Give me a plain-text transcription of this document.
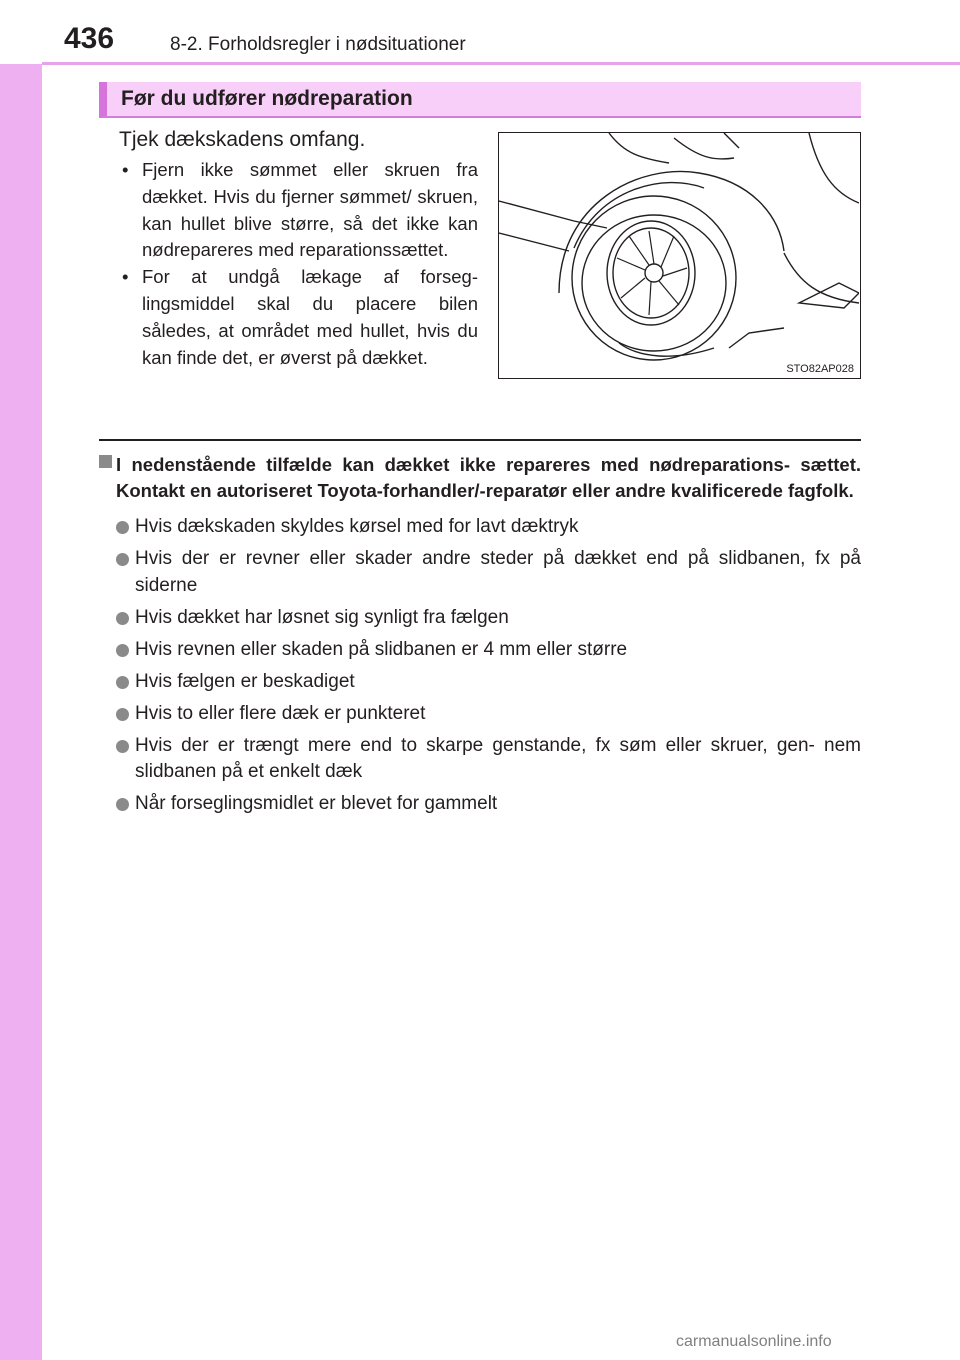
436	8-2. Forholdsregler i nødsituationer
Før du udfører nødreparation
Tjek dækskadens omfang.
• Fjern ikke sømmet eller skruen fra dækket. Hvis du fjerner sømmet/ skruen, kan hullet blive større, så det ikke kan nødrepareres med reparationssættet.
• For at undgå lækage af forseg- lingsmiddel skal du placere bilen således, at området med hullet, hvis du kan finde det, er øverst på dækket.
STO82AP028

I nedenstående tilfælde kan dækket ikke repareres med nødreparations- sættet. Kontakt en autoriseret Toyota-forhandler/-reparatør eller andre kvalificerede fagfolk.

Hvis dækskaden skyldes kørsel med for lavt dæktryk
Hvis der er revner eller skader andre steder på dækket end på slidbanen, fx på siderne
Hvis dækket har løsnet sig synligt fra fælgen
Hvis revnen eller skaden på slidbanen er 4 mm eller større
Hvis fælgen er beskadiget
Hvis to eller flere dæk er punkteret
Hvis der er trængt mere end to skarpe genstande, fx søm eller skruer, gen- nem slidbanen på et enkelt dæk
Når forseglingsmidlet er blevet for gammelt
carmanualsonline.info
